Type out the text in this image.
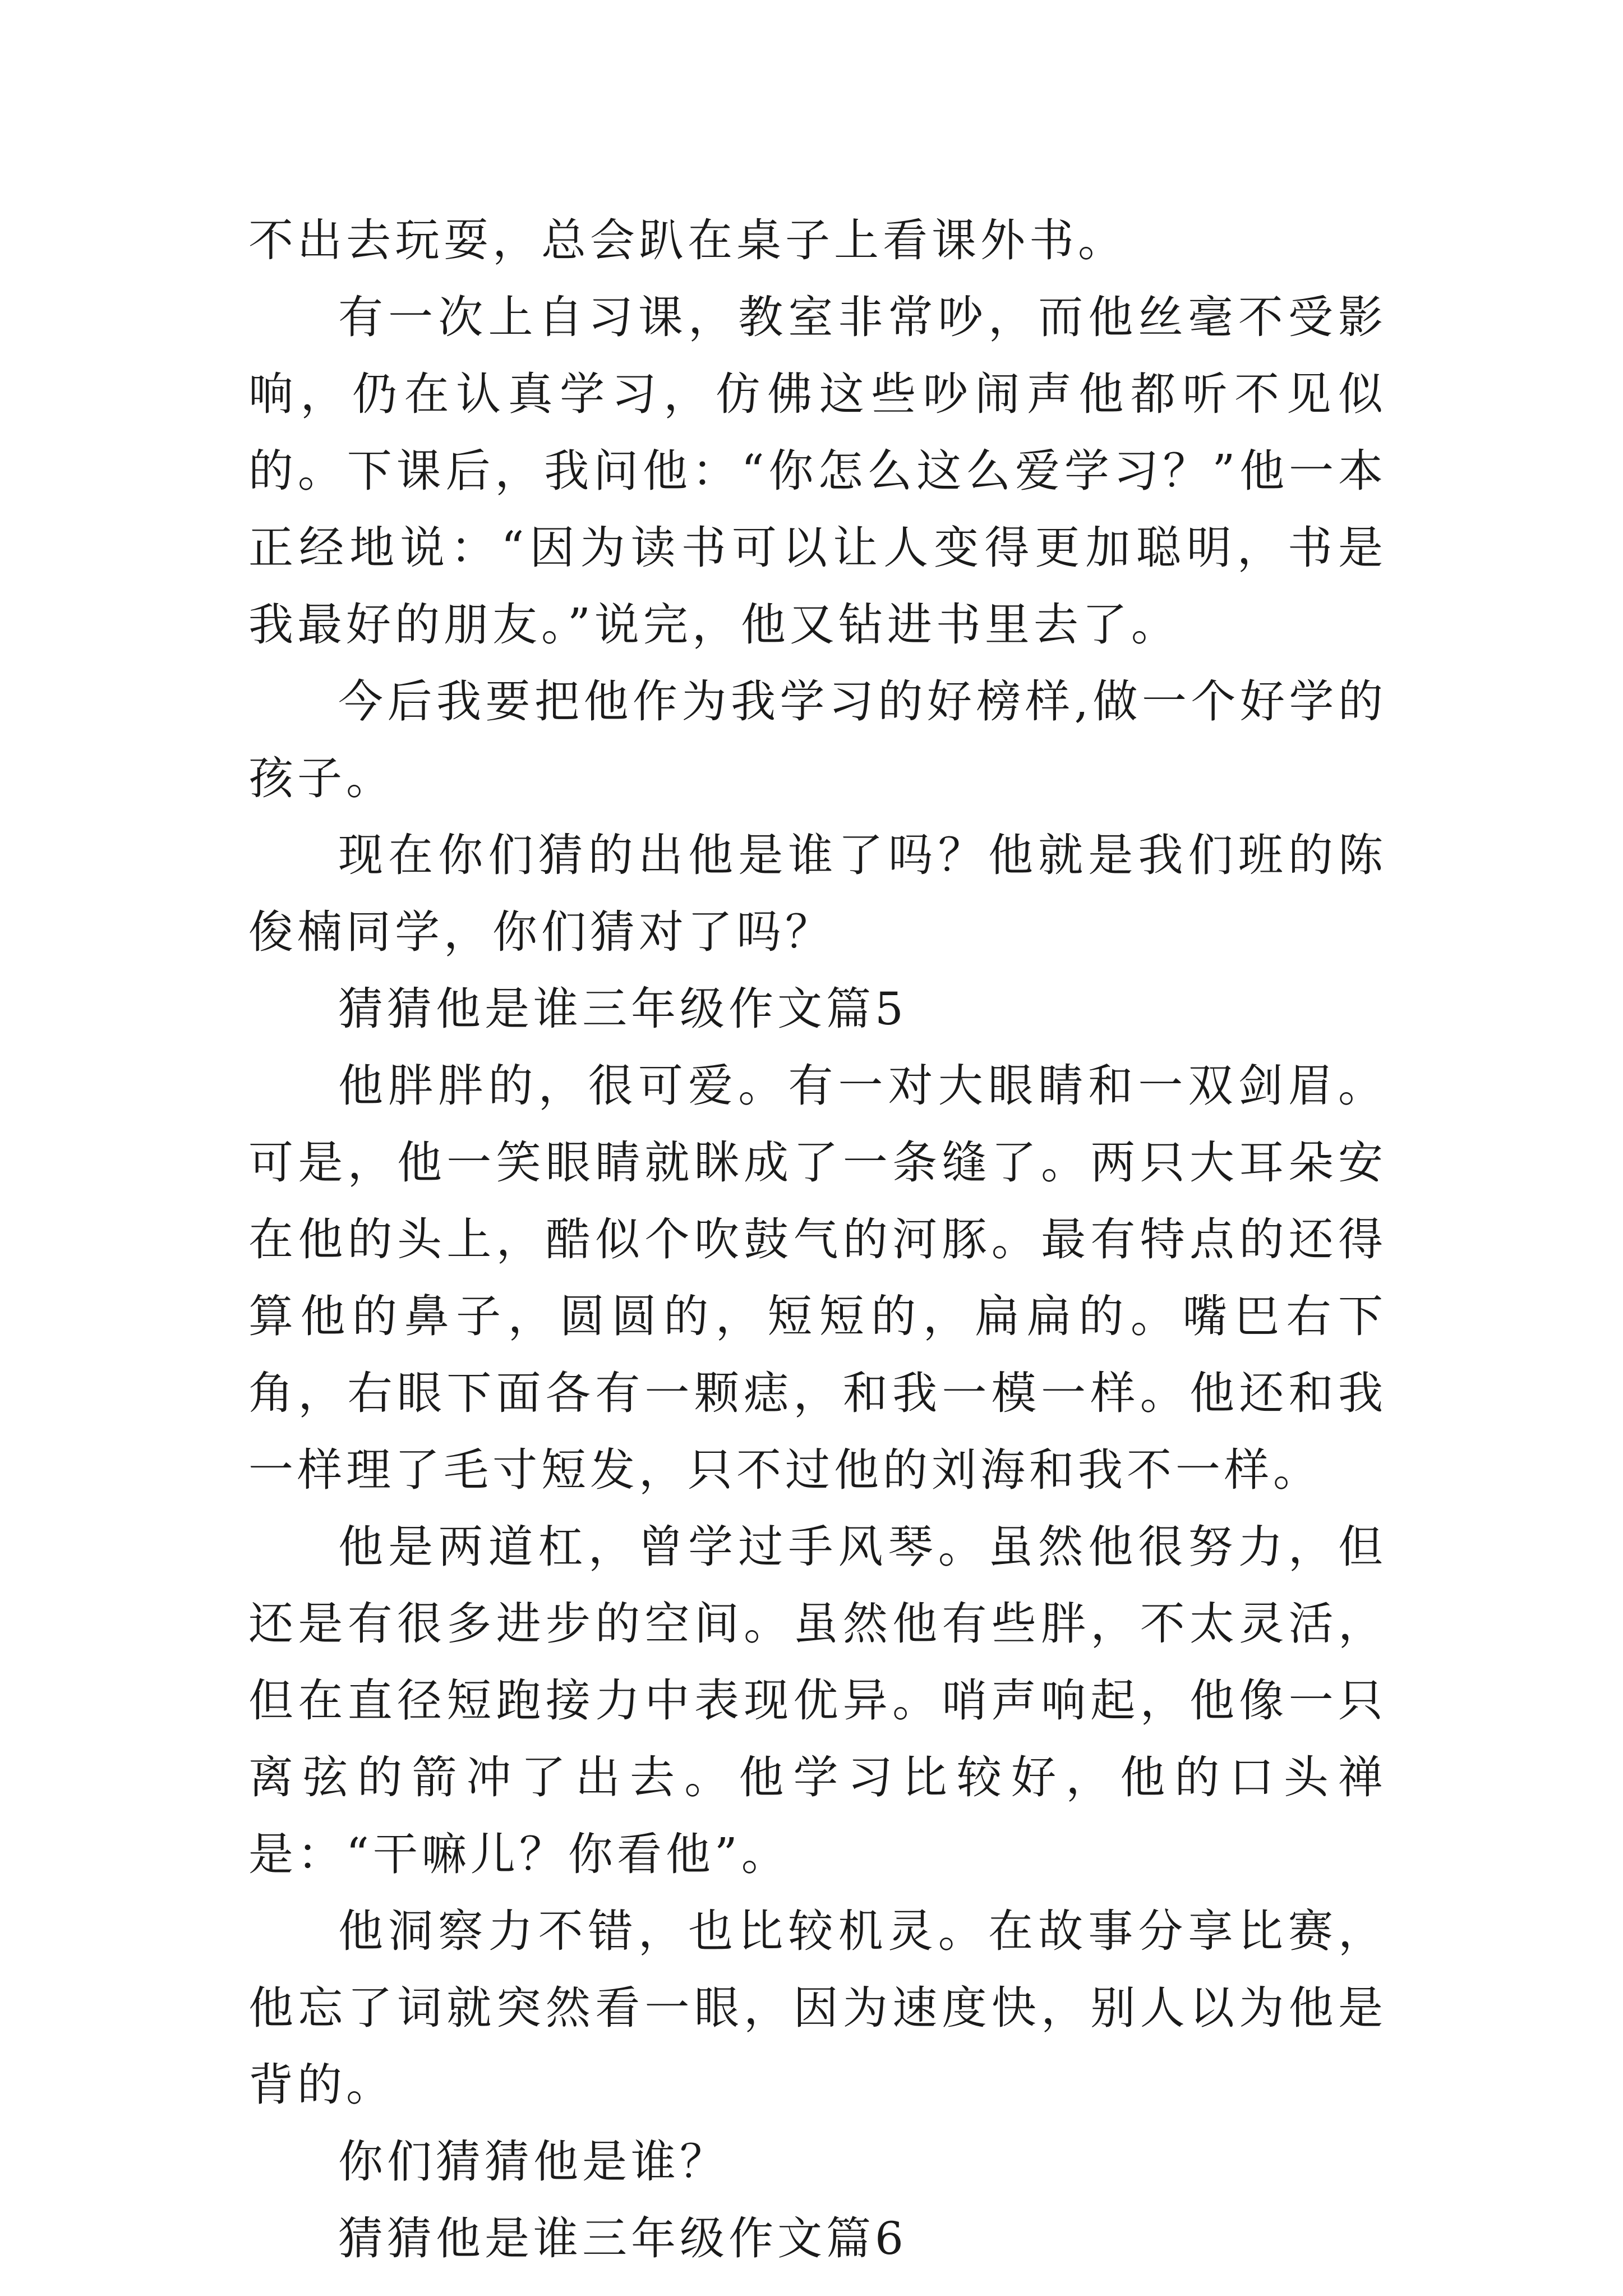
不出去玩耍，总会趴在桌子上看课外书。

有一次上自习课，教室非常吵，而他丝毫不受影响，仍在认真学习，仿佛这些吵闹声他都听不见似的。下课后，我问他：“你怎么这么爱学习？”他一本正经地说：“因为读书可以让人变得更加聪明，书是我最好的朋友。”说完，他又钻进书里去了。

今后我要把他作为我学习的好榜样,做一个好学的孩子。

现在你们猜的出他是谁了吗？他就是我们班的陈俊楠同学，你们猜对了吗？

猜猜他是谁三年级作文篇5

他胖胖的，很可爱。有一对大眼睛和一双剑眉。可是，他一笑眼睛就眯成了一条缝了。两只大耳朵安在他的头上，酷似个吹鼓气的河豚。最有特点的还得算他的鼻子，圆圆的，短短的，扁扁的。嘴巴右下角，右眼下面各有一颗痣，和我一模一样。他还和我一样理了毛寸短发，只不过他的刘海和我不一样。

他是两道杠，曾学过手风琴。虽然他很努力，但还是有很多进步的空间。虽然他有些胖，不太灵活，但在直径短跑接力中表现优异。哨声响起，他像一只离弦的箭冲了出去。他学习比较好，他的口头禅是：“干嘛儿？你看他”。

他洞察力不错，也比较机灵。在故事分享比赛，他忘了词就突然看一眼，因为速度快，别人以为他是背的。

你们猜猜他是谁？

猜猜他是谁三年级作文篇6
